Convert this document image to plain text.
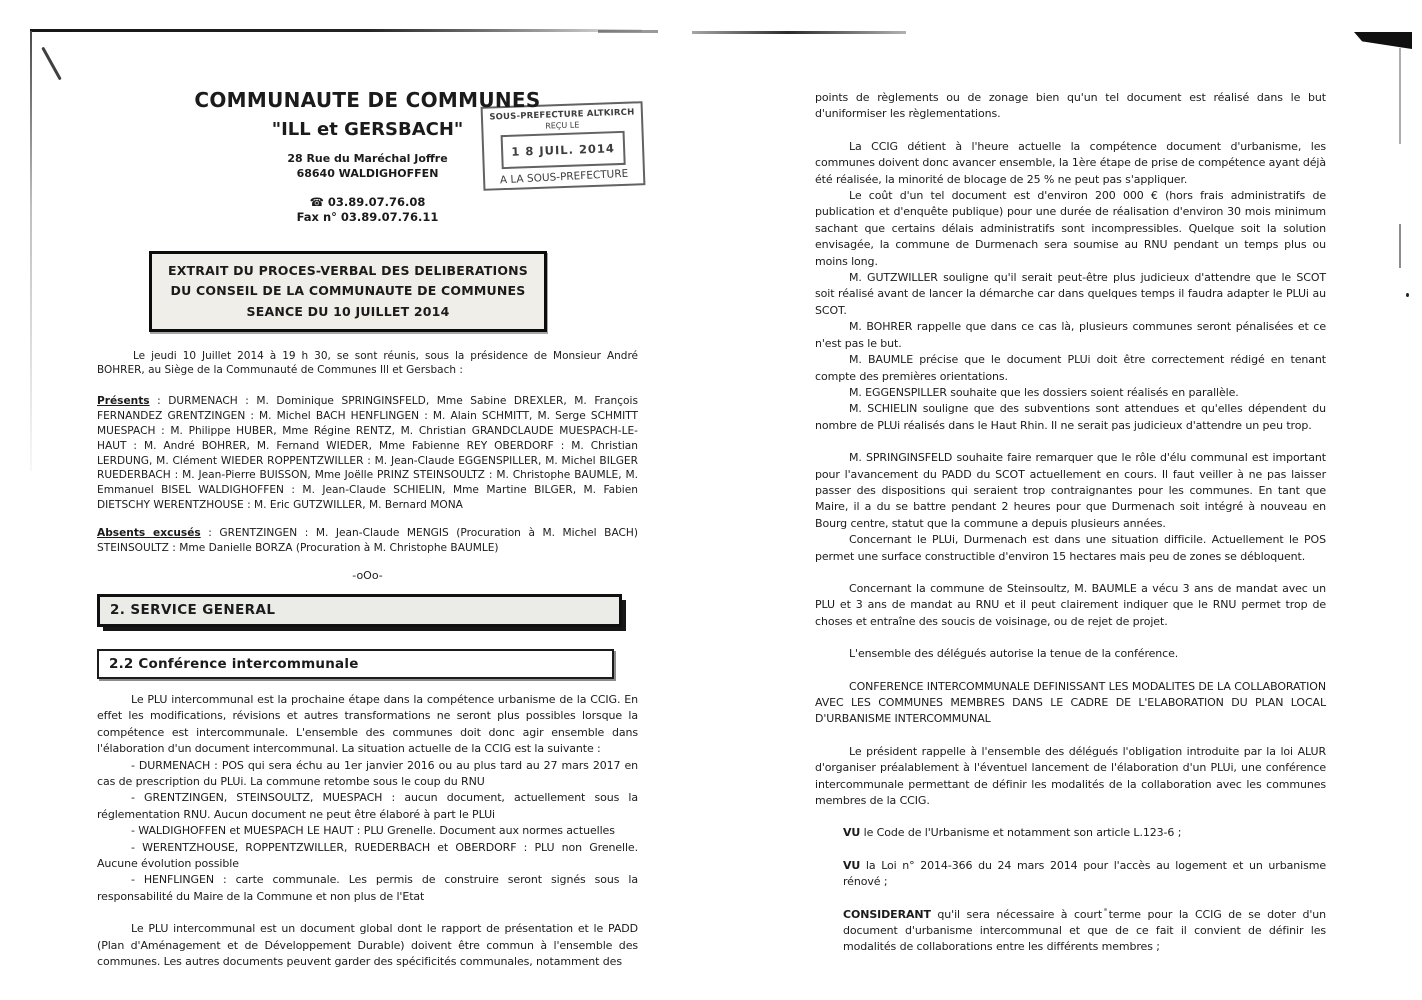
COMMUNAUTE DE COMMUNES
"ILL et GERSBACH"
28 Rue du Maréchal Joffre
68640 WALDIGHOFFEN
☎ 03.89.07.76.08
Fax n° 03.89.07.76.11
SOUS-PREFECTURE ALTKIRCH
REÇU LE
1 8 JUIL. 2014
A LA SOUS-PREFECTURE
EXTRAIT DU PROCES-VERBAL DES DELIBERATIONS
DU CONSEIL DE LA COMMUNAUTE DE COMMUNES
SEANCE DU 10 JUILLET 2014

Le jeudi 10 Juillet 2014 à 19 h 30, se sont réunis, sous la présidence de Monsieur André BOHRER, au Siège de la Communauté de Communes Ill et Gersbach :

Présents : DURMENACH : M. Dominique SPRINGINSFELD, Mme Sabine DREXLER, M. François FERNANDEZ GRENTZINGEN : M. Michel BACH HENFLINGEN : M. Alain SCHMITT, M. Serge SCHMITT MUESPACH : M. Philippe HUBER, Mme Régine RENTZ, M. Christian GRANDCLAUDE MUESPACH-LE-HAUT : M. André BOHRER, M. Fernand WIEDER, Mme Fabienne REY OBERDORF : M. Christian LERDUNG, M. Clément WIEDER ROPPENTZWILLER : M. Jean-Claude EGGENSPILLER, M. Michel BILGER RUEDERBACH : M. Jean-Pierre BUISSON, Mme Joëlle PRINZ STEINSOULTZ : M. Christophe BAUMLE, M. Emmanuel BISEL WALDIGHOFFEN : M. Jean-Claude SCHIELIN, Mme Martine BILGER, M. Fabien DIETSCHY WERENTZHOUSE : M. Eric GUTZWILLER, M. Bernard MONA

Absents excusés : GRENTZINGEN : M. Jean-Claude MENGIS (Procuration à M. Michel BACH) STEINSOULTZ : Mme Danielle BORZA (Procuration à M. Christophe BAUMLE)

-oOo-
2. SERVICE GENERAL
2.2 Conférence intercommunale

Le PLU intercommunal est la prochaine étape dans la compétence urbanisme de la CCIG. En effet les modifications, révisions et autres transformations ne seront plus possibles lorsque la compétence est intercommunale. L'ensemble des communes doit donc agir ensemble dans l'élaboration d'un document intercommunal. La situation actuelle de la CCIG est la suivante :

- DURMENACH : POS qui sera échu au 1er janvier 2016 ou au plus tard au 27 mars 2017 en cas de prescription du PLUi. La commune retombe sous le coup du RNU

- GRENTZINGEN, STEINSOULTZ, MUESPACH : aucun document, actuellement sous la réglementation RNU. Aucun document ne peut être élaboré à part le PLUi

- WALDIGHOFFEN et MUESPACH LE HAUT : PLU Grenelle. Document aux normes actuelles

- WERENTZHOUSE, ROPPENTZWILLER, RUEDERBACH et OBERDORF : PLU non Grenelle. Aucune évolution possible

- HENFLINGEN : carte communale. Les permis de construire seront signés sous la responsabilité du Maire de la Commune et non plus de l'Etat

Le PLU intercommunal est un document global dont le rapport de présentation et le PADD (Plan d'Aménagement et de Développement Durable) doivent être commun à l'ensemble des communes. Les autres documents peuvent garder des spécificités communales, notamment des

points de règlements ou de zonage bien qu'un tel document est réalisé dans le but d'uniformiser les règlementations.

La CCIG détient à l'heure actuelle la compétence document d'urbanisme, les communes doivent donc avancer ensemble, la 1ère étape de prise de compétence ayant déjà été réalisée, la minorité de blocage de 25 % ne peut pas s'appliquer.

Le coût d'un tel document est d'environ 200 000 € (hors frais administratifs de publication et d'enquête publique) pour une durée de réalisation d'environ 30 mois minimum sachant que certains délais administratifs sont incompressibles. Quelque soit la solution envisagée, la commune de Durmenach sera soumise au RNU pendant un temps plus ou moins long.

M. GUTZWILLER souligne qu'il serait peut-être plus judicieux d'attendre que le SCOT soit réalisé avant de lancer la démarche car dans quelques temps il faudra adapter le PLUi au SCOT.

M. BOHRER rappelle que dans ce cas là, plusieurs communes seront pénalisées et ce n'est pas le but.

M. BAUMLE précise que le document PLUi doit être correctement rédigé en tenant compte des premières orientations.

M. EGGENSPILLER souhaite que les dossiers soient réalisés en parallèle.

M. SCHIELIN souligne que des subventions sont attendues et qu'elles dépendent du nombre de PLUi réalisés dans le Haut Rhin. Il ne serait pas judicieux d'attendre un peu trop.

M. SPRINGINSFELD souhaite faire remarquer que le rôle d'élu communal est important pour l'avancement du PADD du SCOT actuellement en cours. Il faut veiller à ne pas laisser passer des dispositions qui seraient trop contraignantes pour les communes. En tant que Maire, il a du se battre pendant 2 heures pour que Durmenach soit intégré à nouveau en Bourg centre, statut que la commune a depuis plusieurs années.

Concernant le PLUi, Durmenach est dans une situation difficile. Actuellement le POS permet une surface constructible d'environ 15 hectares mais peu de zones se débloquent.

Concernant la commune de Steinsoultz, M. BAUMLE a vécu 3 ans de mandat avec un PLU et 3 ans de mandat au RNU et il peut clairement indiquer que le RNU permet trop de choses et entraîne des soucis de voisinage, ou de rejet de projet.

L'ensemble des délégués autorise la tenue de la conférence.

CONFERENCE INTERCOMMUNALE DEFINISSANT LES MODALITES DE LA COLLABORATION AVEC LES COMMUNES MEMBRES DANS LE CADRE DE L'ELABORATION DU PLAN LOCAL D'URBANISME INTERCOMMUNAL

Le président rappelle à l'ensemble des délégués l'obligation introduite par la loi ALUR d'organiser préalablement à l'éventuel lancement de l'élaboration d'un PLUi, une conférence intercommunale permettant de définir les modalités de la collaboration avec les communes membres de la CCIG.

VU le Code de l'Urbanisme et notamment son article L.123-6 ;

VU la Loi n° 2014-366 du 24 mars 2014 pour l'accès au logement et un urbanisme rénové ;

CONSIDERANT qu'il sera nécessaire à court terme pour la CCIG de se doter d'un document d'urbanisme intercommunal et que de ce fait il convient de définir les modalités de collaborations entre les différents membres ;
